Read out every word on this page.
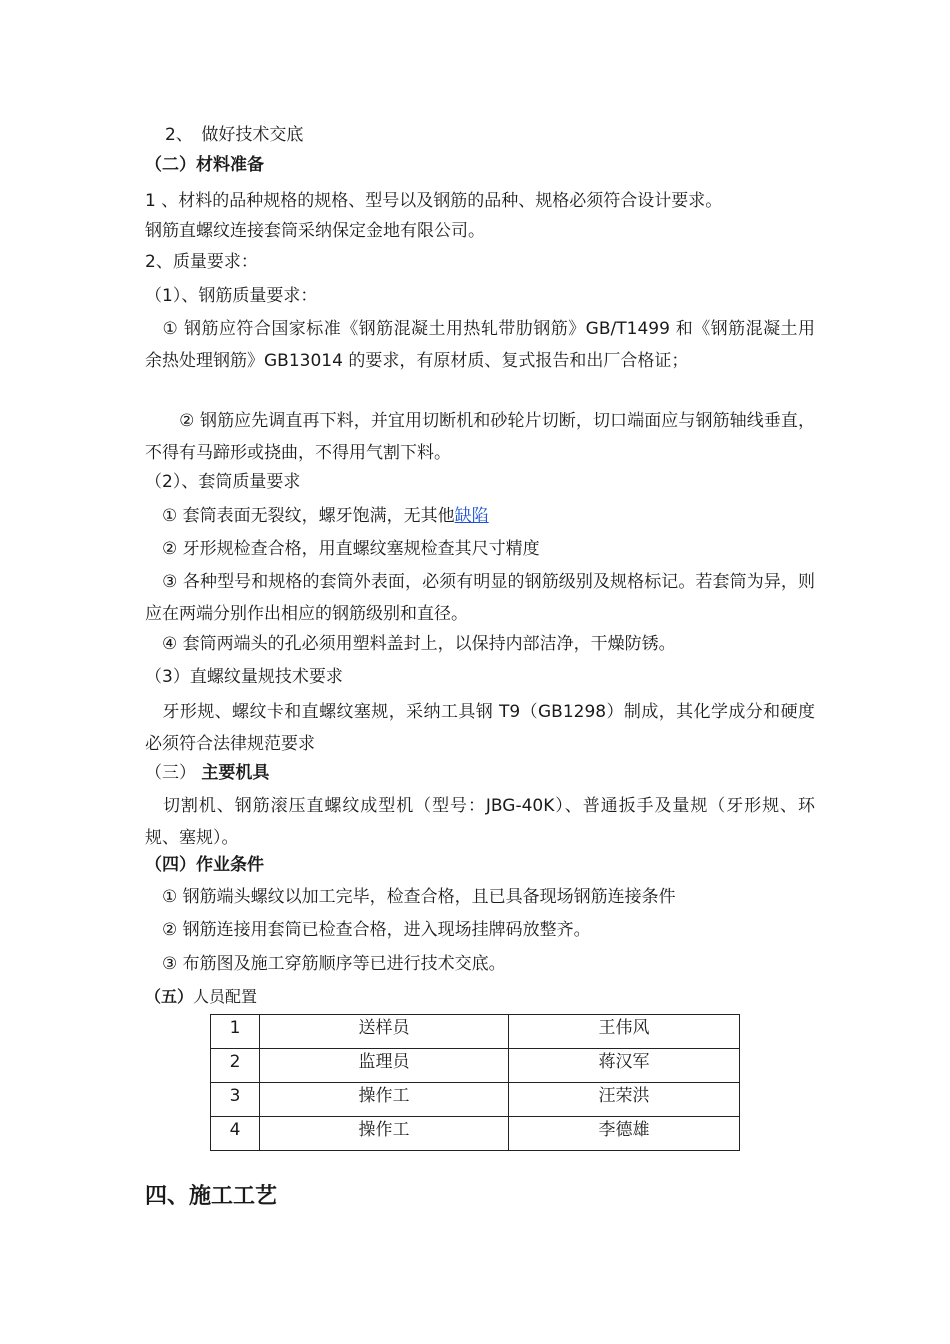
2、　做好技术交底
（二）材料准备
1 、材料的品种规格的规格、型号以及钢筋的品种、规格必须符合设计要求。
钢筋直螺纹连接套筒采纳保定金地有限公司。
2、质量要求：
（1）、钢筋质量要求：
　① 钢筋应符合国家标准《钢筋混凝土用热轧带肋钢筋》GB/T1499 和《钢筋混凝土用余热处理钢筋》GB13014 的要求，有原材质、复式报告和出厂合格证；
　　② 钢筋应先调直再下料，并宜用切断机和砂轮片切断，切口端面应与钢筋轴线垂直，不得有马蹄形或挠曲，不得用气割下料。
（2）、套筒质量要求
　① 套筒表面无裂纹，螺牙饱满，无其他缺陷
　② 牙形规检查合格，用直螺纹塞规检查其尺寸精度
　③ 各种型号和规格的套筒外表面，必须有明显的钢筋级别及规格标记。若套筒为异，则应在两端分别作出相应的钢筋级别和直径。
　④ 套筒两端头的孔必须用塑料盖封上，以保持内部洁净，干燥防锈。
（3）直螺纹量规技术要求
　牙形规、螺纹卡和直螺纹塞规，采纳工具钢 T9（GB1298）制成，其化学成分和硬度必须符合法律规范要求
（三） 主要机具
　切割机、钢筋滚压直螺纹成型机（型号：JBG-40K）、普通扳手及量规（牙形规、环规、塞规）。
（四）作业条件
　① 钢筋端头螺纹以加工完毕，检查合格，且已具备现场钢筋连接条件
　② 钢筋连接用套筒已检查合格，进入现场挂牌码放整齐。
　③ 布筋图及施工穿筋顺序等已进行技术交底。
（五）人员配置
1	送样员	王伟风
2	监理员	蒋汉军
3	操作工	汪荣洪
4	操作工	李德雄
四、施工工艺
